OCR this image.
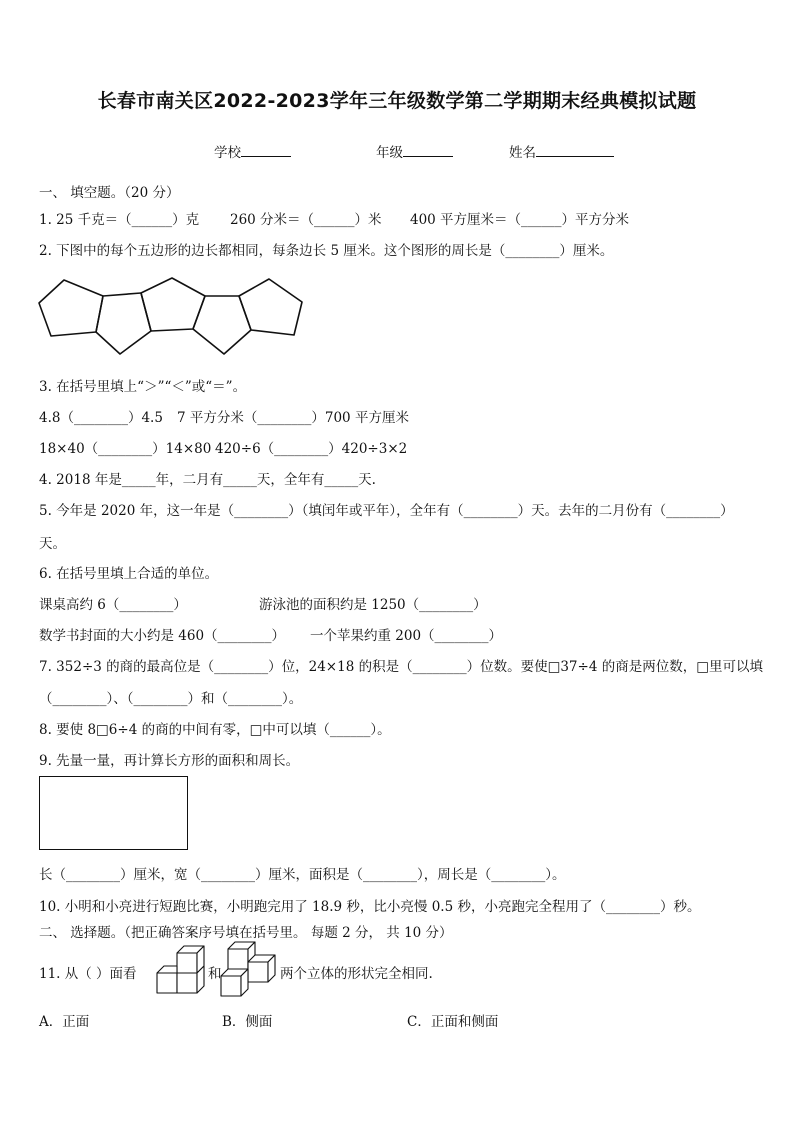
长春市南关区2022-2023学年三年级数学第二学期期末经典模拟试题
学校	年级	姓名
一、 填空题。（20 分）
1. 25 千克＝（______）克 260 分米＝（______）米 400 平方厘米＝（______）平方分米
2. 下图中的每个五边形的边长都相同，每条边长 5 厘米。这个图形的周长是（________）厘米。
3. 在括号里填上“＞”“＜”或“＝”。
4.8（________）4.5 7 平方分米（________）700 平方厘米
18×40（________）14×80 420÷6（________）420÷3×2
4. 2018 年是_____年，二月有_____天，全年有_____天.
5. 今年是 2020 年，这一年是（________）（填闰年或平年），全年有（________）天。去年的二月份有（________）
天。
6. 在括号里填上合适的单位。
课桌高约 6（________）	游泳池的面积约是 1250（________）
数学书封面的大小约是 460（________） 一个苹果约重 200（________）
7. 352÷3 的商的最高位是（________）位，24×18 的积是（________）位数。要使□37÷4 的商是两位数，□里可以填
（________）、（________）和（________）。
8. 要使 8□6÷4 的商的中间有零，□中可以填（______）。
9. 先量一量，再计算长方形的面积和周长。
长（________）厘米，宽（________）厘米，面积是（________），周长是（________）。
10. 小明和小亮进行短跑比赛，小明跑完用了 18.9 秒，比小亮慢 0.5 秒，小亮跑完全程用了（________）秒。
二、 选择题。（把正确答案序号填在括号里。 每题 2 分， 共 10 分）
11. 从（ ）面看	和	两个立体的形状完全相同.
A．正面	B．侧面	C．正面和侧面
